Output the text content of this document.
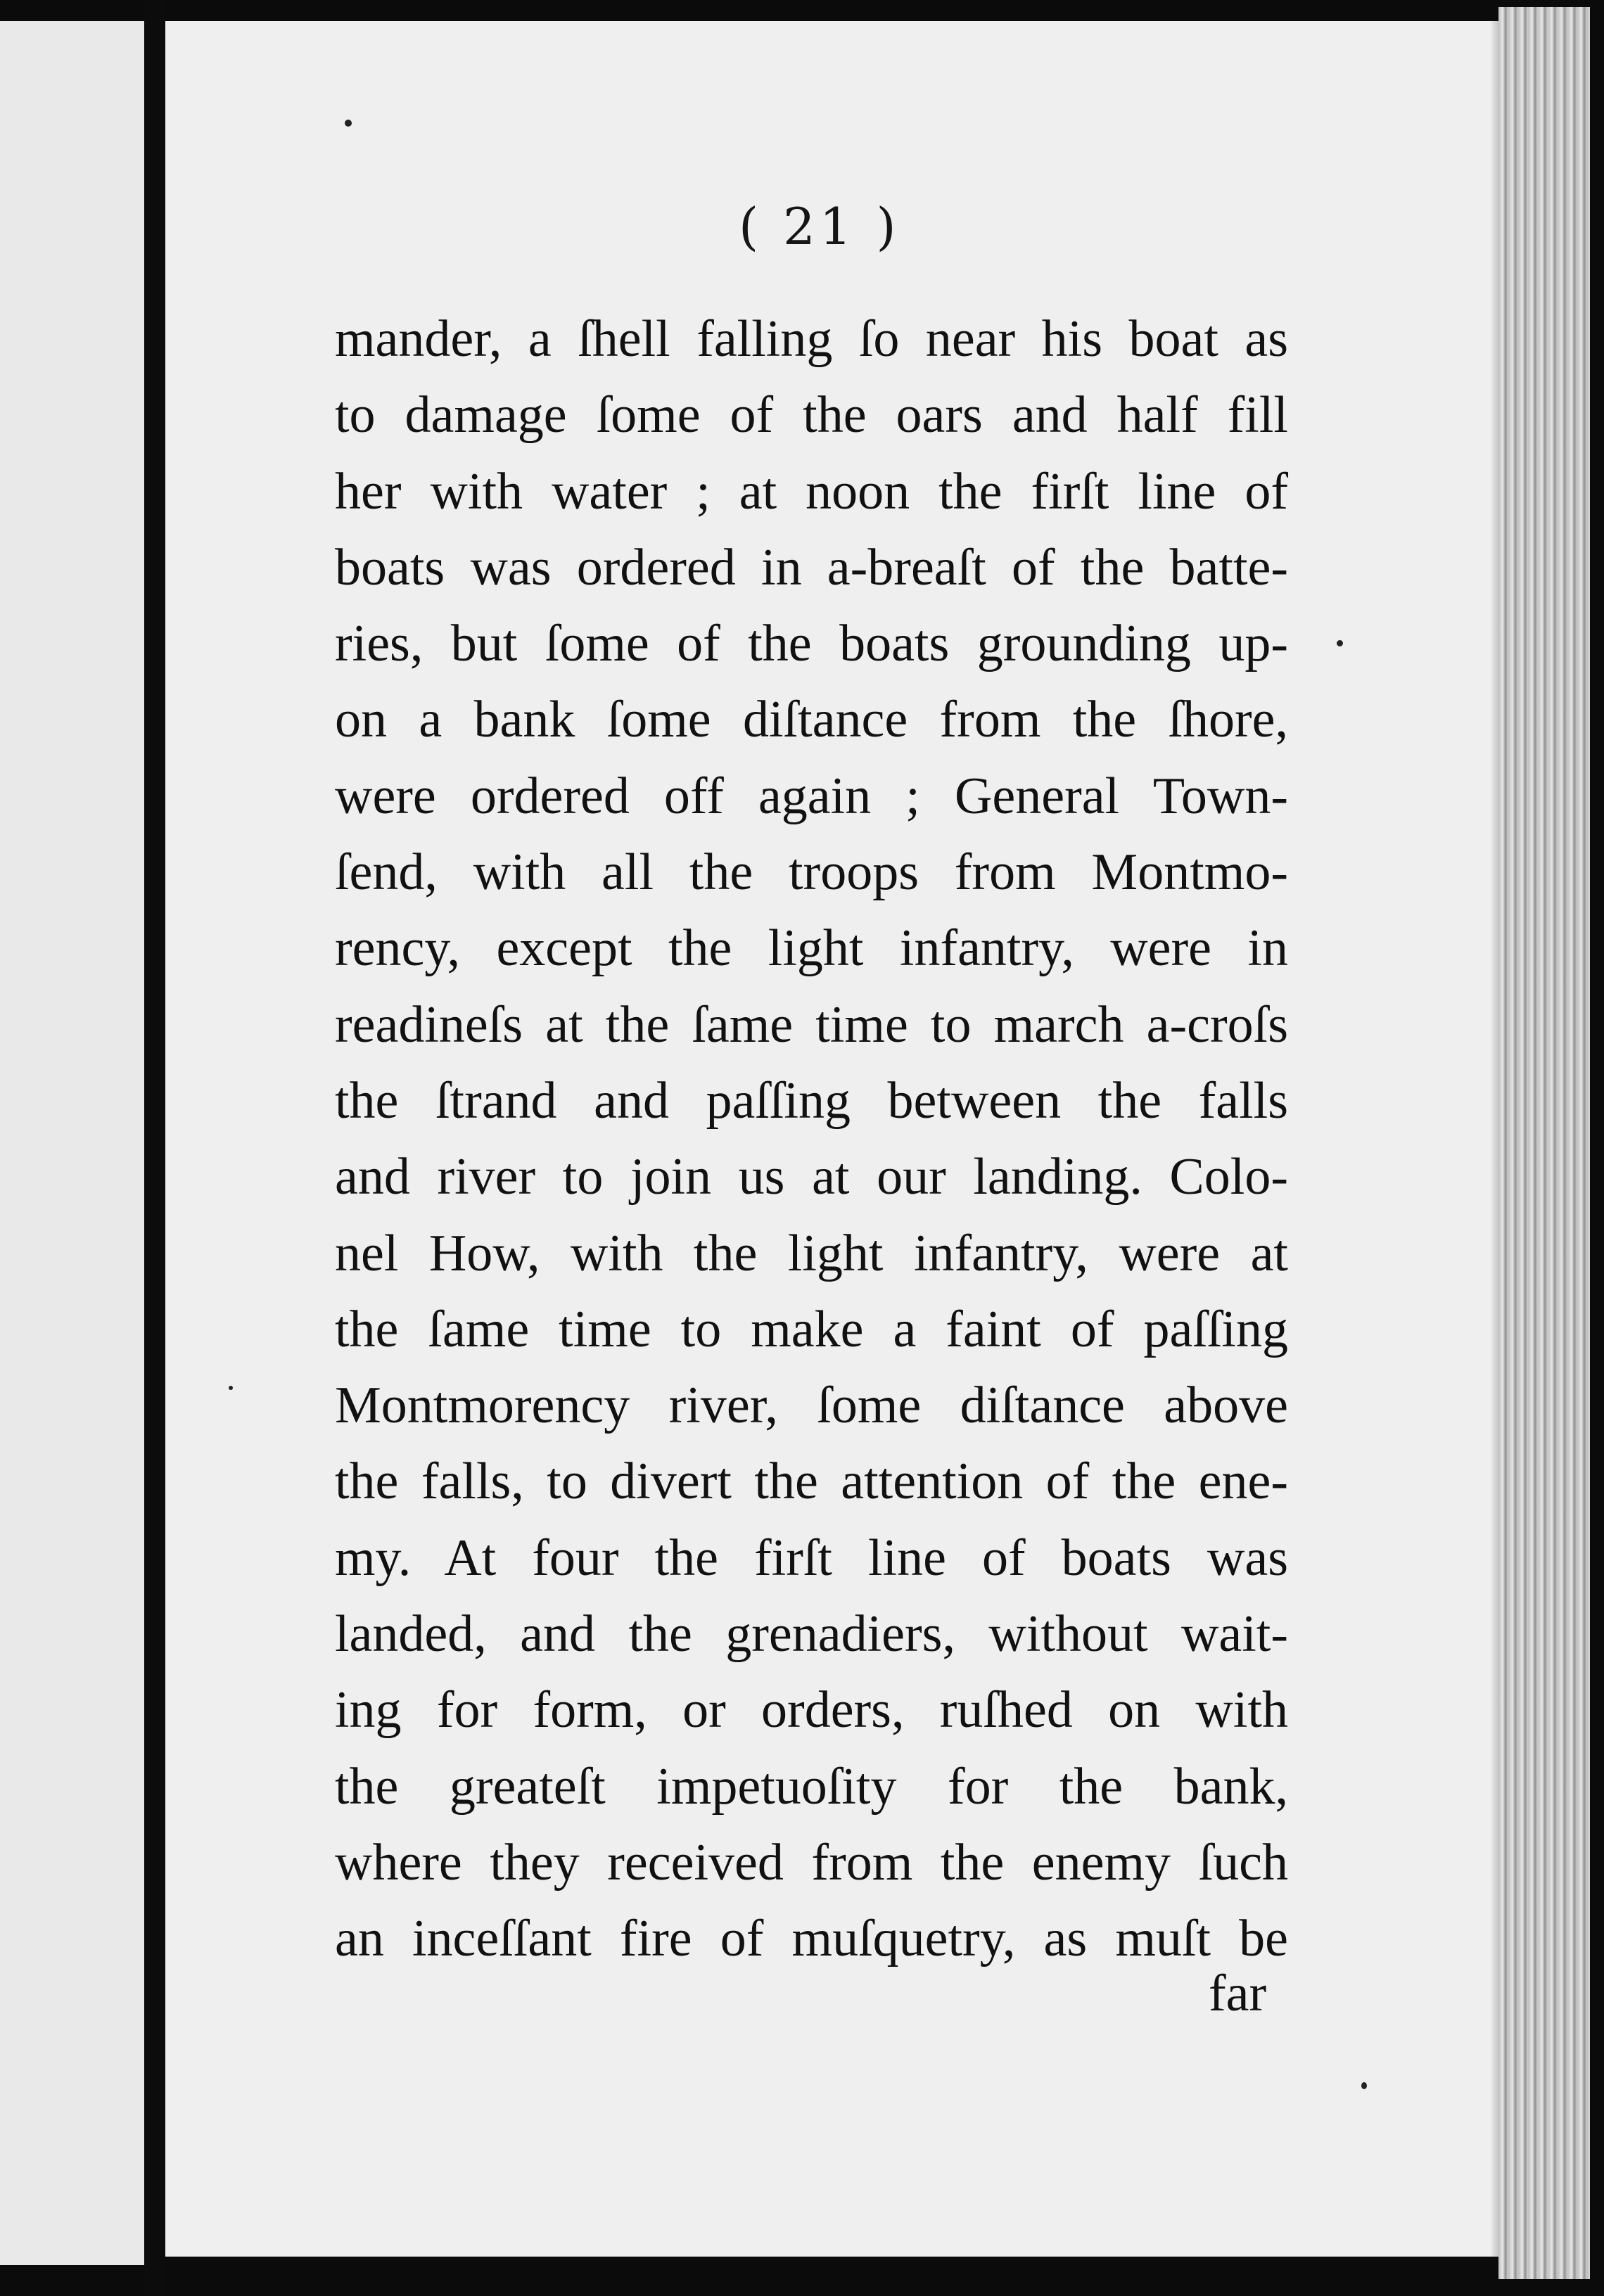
( 21 )
mander, a ſhell falling ſo near his boat as
to damage ſome of the oars and half fill
her with water ; at noon the firſt line of
boats was ordered in a-breaſt of the batte-
ries, but ſome of the boats grounding up-
on a bank ſome diſtance from the ſhore,
were ordered off again ; General Town-
ſend, with all the troops from Montmo-
rency, except the light infantry, were in
readineſs at the ſame time to march a-croſs
the ſtrand and paſſing between the falls
and river to join us at our landing. Colo-
nel How, with the light infantry, were at
the ſame time to make a faint of paſſing
Montmorency river, ſome diſtance above
the falls, to divert the attention of the ene-
my. At four the firſt line of boats was
landed, and the grenadiers, without wait-
ing for form, or orders, ruſhed on with
the greateſt impetuoſity for the bank,
where they received from the enemy ſuch
an inceſſant fire of muſquetry, as muſt be
far
